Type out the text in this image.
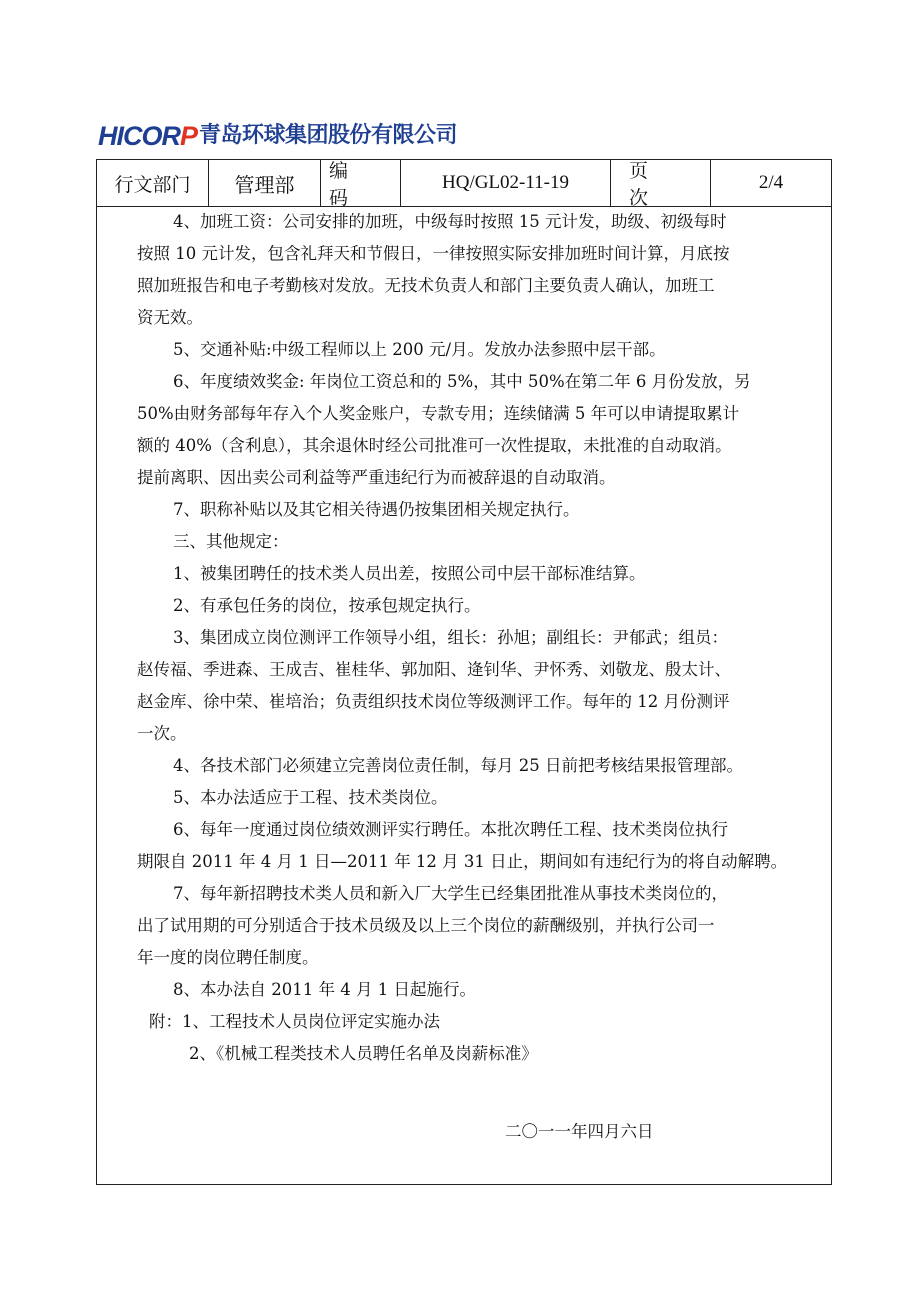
HICORP 青岛环球集团股份有限公司
行文部门	管理部
编 码
HQ/GL02-11-19
页 次
2/4
4、加班工资：公司安排的加班，中级每时按照 15 元计发，助级、初级每时
按照 10 元计发，包含礼拜天和节假日，一律按照实际安排加班时间计算，月底按
照加班报告和电子考勤核对发放。无技术负责人和部门主要负责人确认，加班工
资无效。
5、交通补贴:中级工程师以上 200 元/月。发放办法参照中层干部。
6、年度绩效奖金: 年岗位工资总和的 5%，其中 50%在第二年 6 月份发放，另
50%由财务部每年存入个人奖金账户，专款专用；连续储满 5 年可以申请提取累计
额的 40%（含利息），其余退休时经公司批准可一次性提取，未批准的自动取消。
提前离职、因出卖公司利益等严重违纪行为而被辞退的自动取消。
7、职称补贴以及其它相关待遇仍按集团相关规定执行。
三、其他规定：
1、被集团聘任的技术类人员出差，按照公司中层干部标准结算。
2、有承包任务的岗位，按承包规定执行。
3、集团成立岗位测评工作领导小组，组长：孙旭；副组长：尹郁武；组员：
赵传福、季进森、王成吉、崔桂华、郭加阳、逄钊华、尹怀秀、刘敬龙、殷太计、
赵金库、徐中荣、崔培治；负责组织技术岗位等级测评工作。每年的 12 月份测评
一次。
4、各技术部门必须建立完善岗位责任制，每月 25 日前把考核结果报管理部。
5、本办法适应于工程、技术类岗位。
6、每年一度通过岗位绩效测评实行聘任。本批次聘任工程、技术类岗位执行
期限自 2011 年 4 月 1 日—2011 年 12 月 31 日止，期间如有违纪行为的将自动解聘。
7、每年新招聘技术类人员和新入厂大学生已经集团批准从事技术类岗位的，
出了试用期的可分别适合于技术员级及以上三个岗位的薪酬级别，并执行公司一
年一度的岗位聘任制度。
8、本办法自 2011 年 4 月 1 日起施行。
附：1、工程技术人员岗位评定实施办法
2、《机械工程类技术人员聘任名单及岗薪标准》
二〇一一年四月六日
